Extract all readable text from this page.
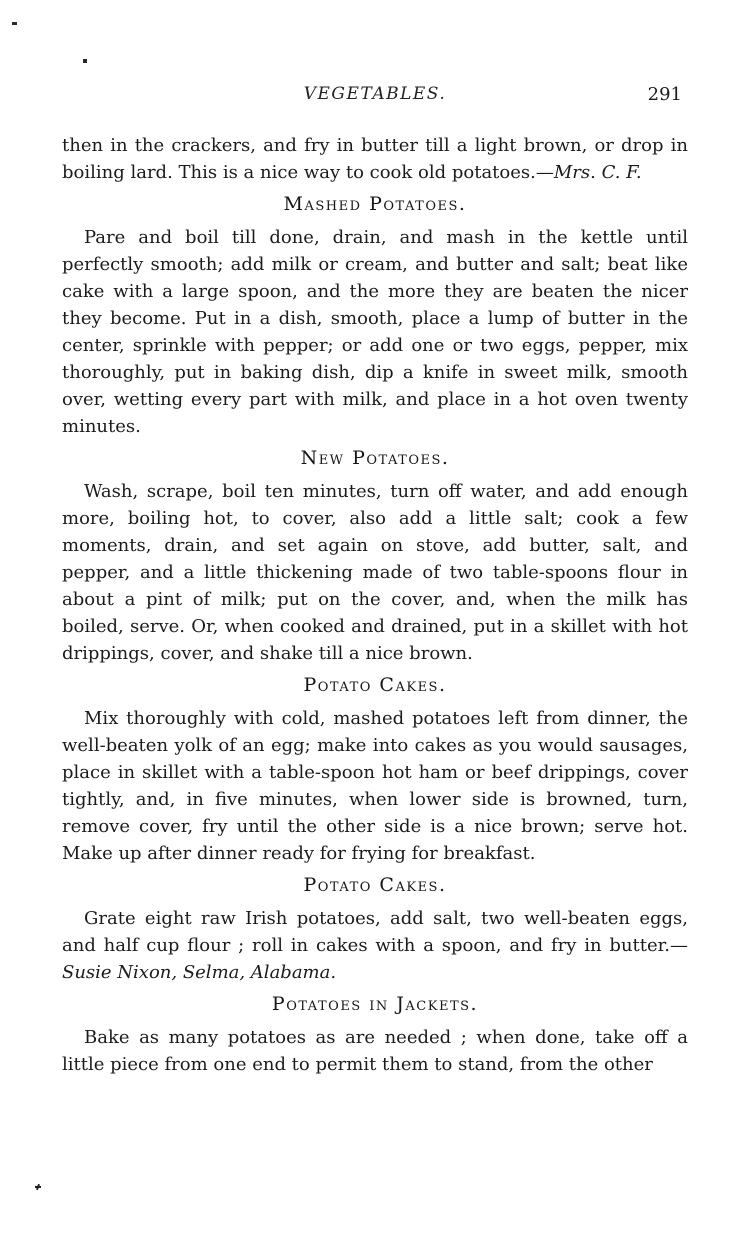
VEGETABLES.	291

then in the crackers, and fry in butter till a light brown, or drop in boiling lard. This is a nice way to cook old potatoes.—Mrs. C. F.

Mashed Potatoes.

Pare and boil till done, drain, and mash in the kettle until perfectly smooth; add milk or cream, and butter and salt; beat like cake with a large spoon, and the more they are beaten the nicer they become. Put in a dish, smooth, place a lump of butter in the center, sprinkle with pepper; or add one or two eggs, pepper, mix thoroughly, put in baking dish, dip a knife in sweet milk, smooth over, wetting every part with milk, and place in a hot oven twenty minutes.

New Potatoes.

Wash, scrape, boil ten minutes, turn off water, and add enough more, boiling hot, to cover, also add a little salt; cook a few moments, drain, and set again on stove, add butter, salt, and pepper, and a little thickening made of two table-spoons flour in about a pint of milk; put on the cover, and, when the milk has boiled, serve. Or, when cooked and drained, put in a skillet with hot drippings, cover, and shake till a nice brown.

Potato Cakes.

Mix thoroughly with cold, mashed potatoes left from dinner, the well-beaten yolk of an egg; make into cakes as you would sausages, place in skillet with a table-spoon hot ham or beef drippings, cover tightly, and, in five minutes, when lower side is browned, turn, remove cover, fry until the other side is a nice brown; serve hot. Make up after dinner ready for frying for breakfast.

Potato Cakes.

Grate eight raw Irish potatoes, add salt, two well-beaten eggs, and half cup flour ; roll in cakes with a spoon, and fry in butter.—Susie Nixon, Selma, Alabama.

Potatoes in Jackets.

Bake as many potatoes as are needed ; when done, take off a little piece from one end to permit them to stand, from the other
